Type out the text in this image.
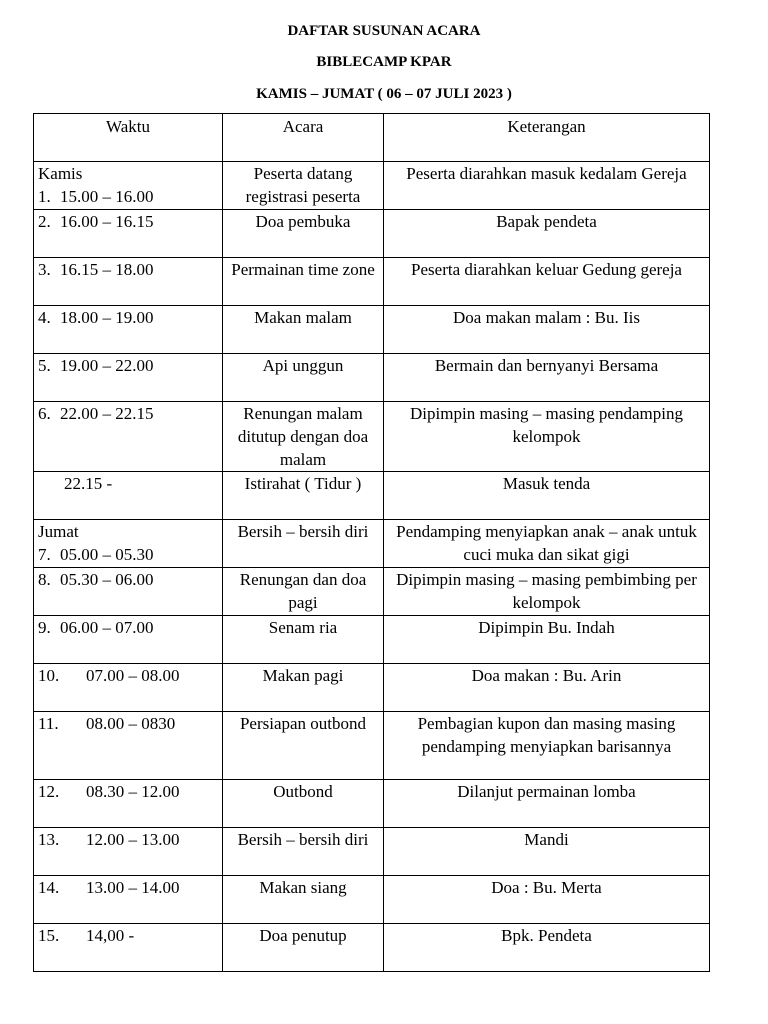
DAFTAR SUSUNAN ACARA
BIBLECAMP KPAR
KAMIS – JUMAT ( 06 – 07 JULI 2023 )
Waktu	Acara	Keterangan

Kamis
1. 15.00 – 16.00	Peserta datang registrasi peserta	Peserta diarahkan masuk kedalam Gereja

2. 16.00 – 16.15	Doa pembuka	Bapak pendeta

3. 16.15 – 18.00	Permainan time zone	Peserta diarahkan keluar Gedung gereja

4. 18.00 – 19.00	Makan malam	Doa makan malam : Bu. Iis

5. 19.00 – 22.00	Api unggun	Bermain dan bernyanyi Bersama

6. 22.00 – 22.15	Renungan malam ditutup dengan doa malam	Dipimpin masing – masing pendamping kelompok

22.15 -	Istirahat ( Tidur )	Masuk tenda

Jumat
7. 05.00 – 05.30	Bersih – bersih diri	Pendamping menyiapkan anak – anak untuk cuci muka dan sikat gigi

8. 05.30 – 06.00	Renungan dan doa pagi	Dipimpin masing – masing pembimbing per kelompok

9. 06.00 – 07.00	Senam ria	Dipimpin Bu. Indah

10. 07.00 – 08.00	Makan pagi	Doa makan : Bu. Arin

11. 08.00 – 0830	Persiapan outbond	Pembagian kupon dan masing masing pendamping menyiapkan barisannya

12. 08.30 – 12.00	Outbond	Dilanjut permainan lomba

13. 12.00 – 13.00	Bersih – bersih diri	Mandi

14. 13.00 – 14.00	Makan siang	Doa : Bu. Merta

15. 14,00 -	Doa penutup	Bpk. Pendeta
